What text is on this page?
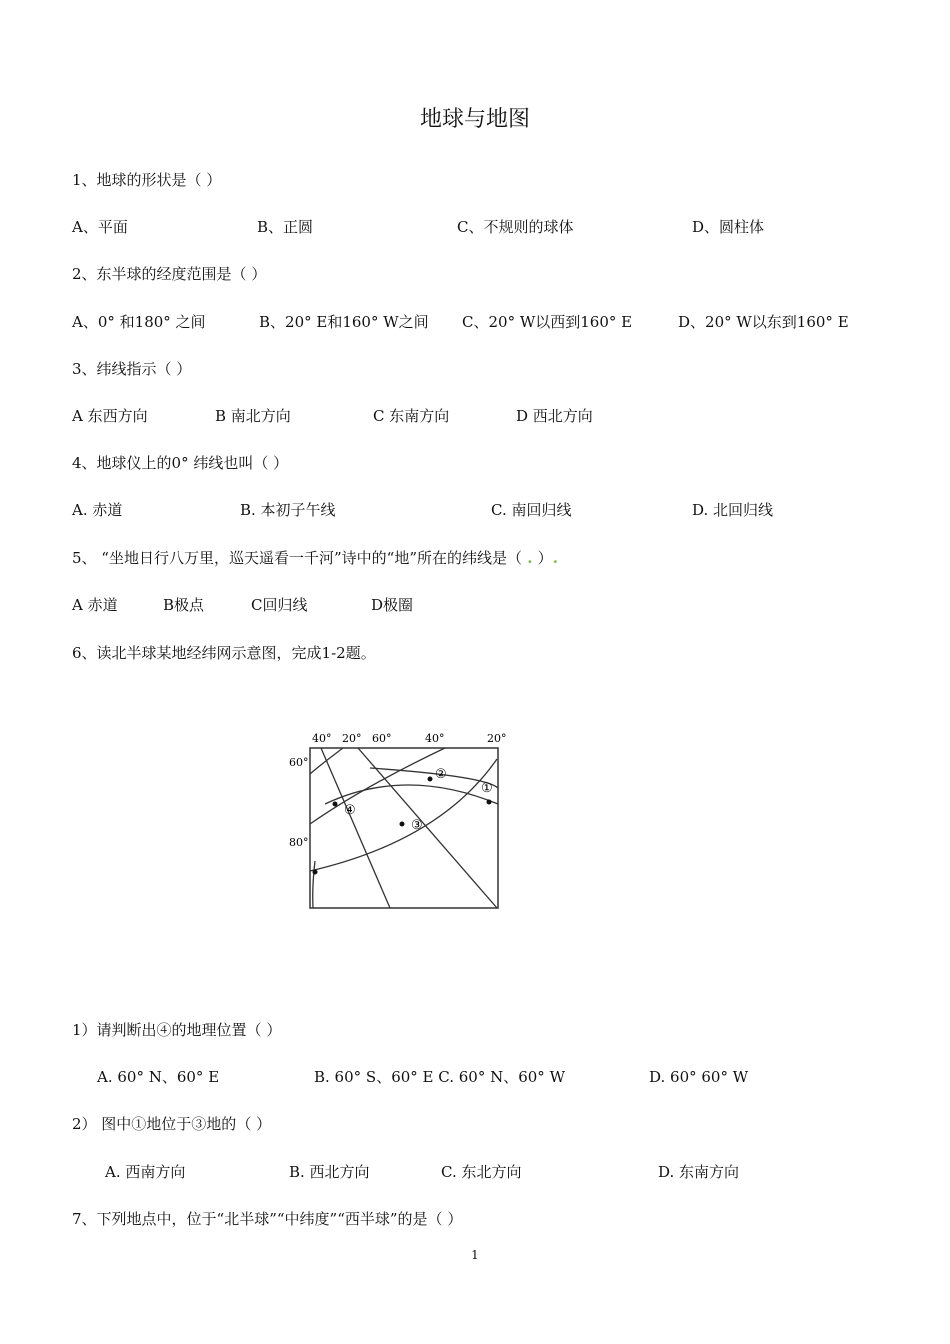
地球与地图
1、地球的形状是（ ）
A、平面	B、正圆	C、不规则的球体	D、圆柱体
2、东半球的经度范围是（ ）
A、0° 和180° 之间	B、20° E和160° W之间 C、20° W以西到160° E	D、20° W以东到160° E
3、纬线指示（ ）
A 东西方向	B 南北方向	C 东南方向	D 西北方向
4、地球仪上的0° 纬线也叫（ ）
A. 赤道	B. 本初子午线	C. 南回归线	D. 北回归线
5、 “坐地日行八万里，巡天遥看一千河”诗中的“地”所在的纬线是（ . ）.
A 赤道	B极点	C回归线	D极圈
6、读北半球某地经纬网示意图，完成1-2题。
①
②
③
④
40° 20° 60°	40°	20°
60°
80°
1）请判断出④的地理位置（ ）
A. 60° N、60° E	B. 60° S、60° E C. 60° N、60° W	D. 60° 60° W
2） 图中①地位于③地的（ ）
A. 西南方向	B. 西北方向	C. 东北方向	D. 东南方向
7、下列地点中，位于“北半球”“中纬度”“西半球”的是（ ）
1
